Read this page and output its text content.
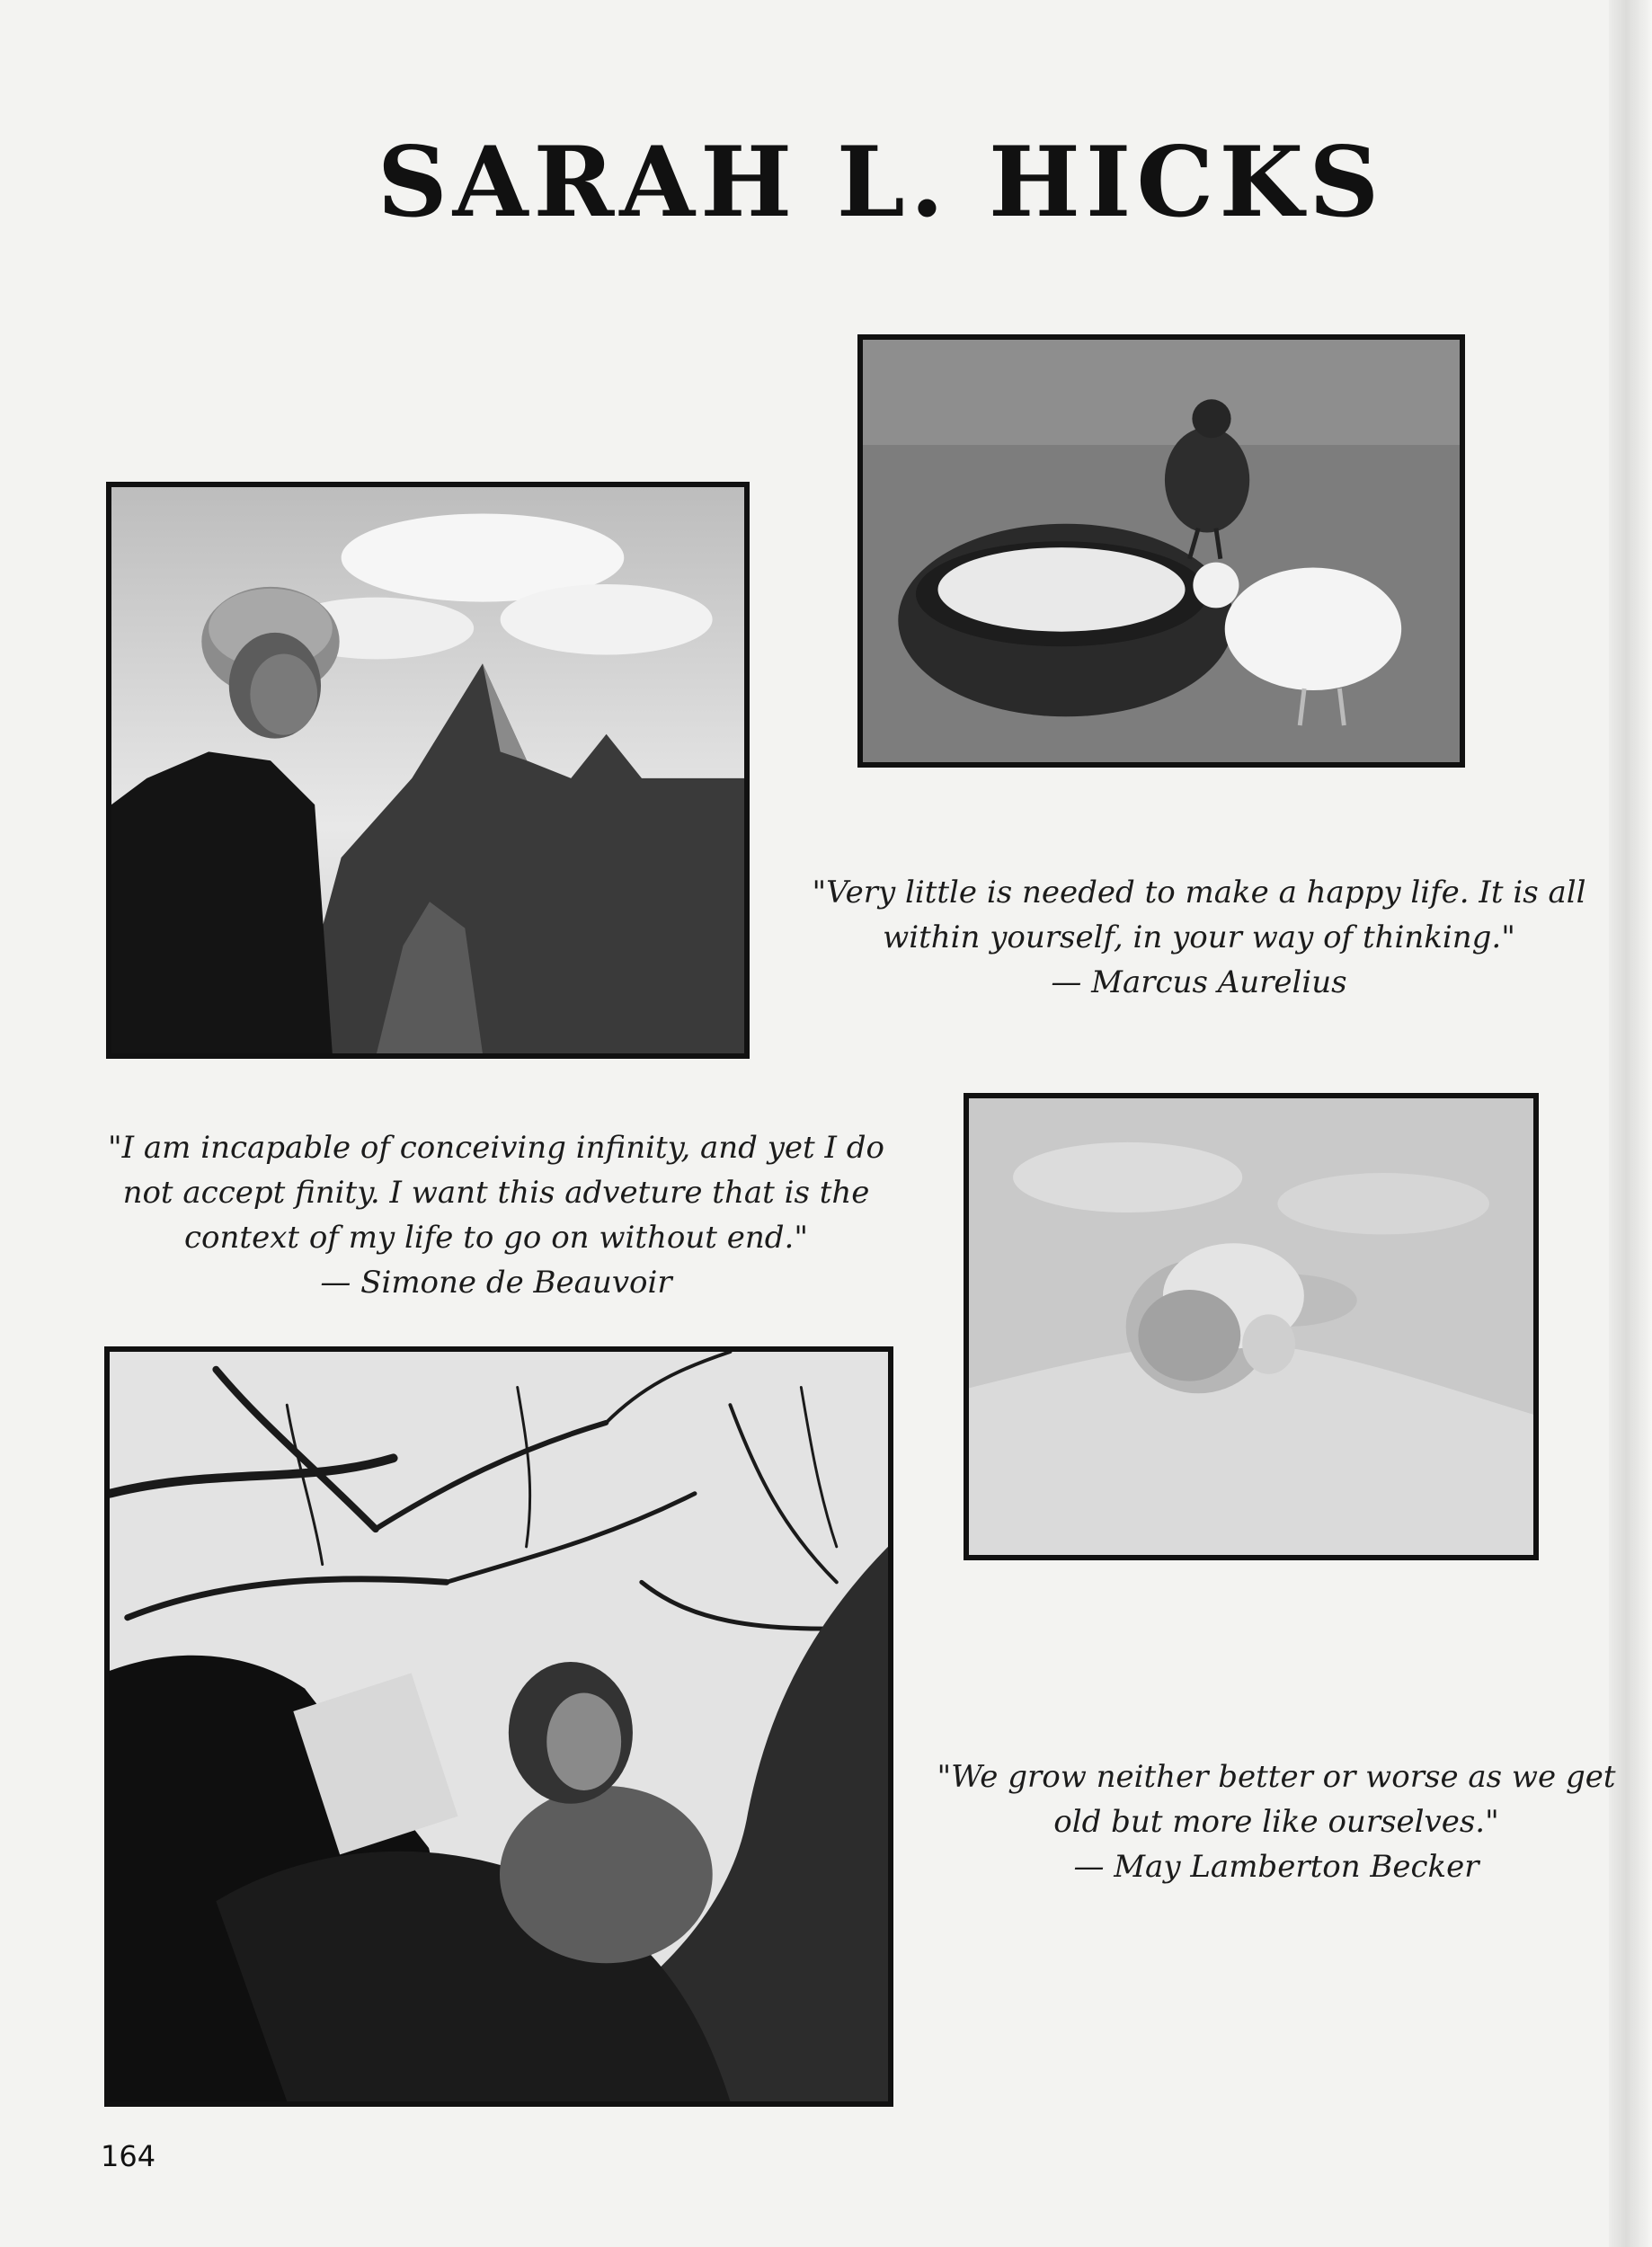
SARAH L. HICKS

"Very little is needed to make a happy life. It is all within yourself, in your way of thinking."
— Marcus Aurelius

"I am incapable of conceiving infinity, and yet I do not accept finity. I want this adveture that is the context of my life to go on without end."
— Simone de Beauvoir

"We grow neither better or worse as we get old but more like ourselves."
— May Lamberton Becker

164
